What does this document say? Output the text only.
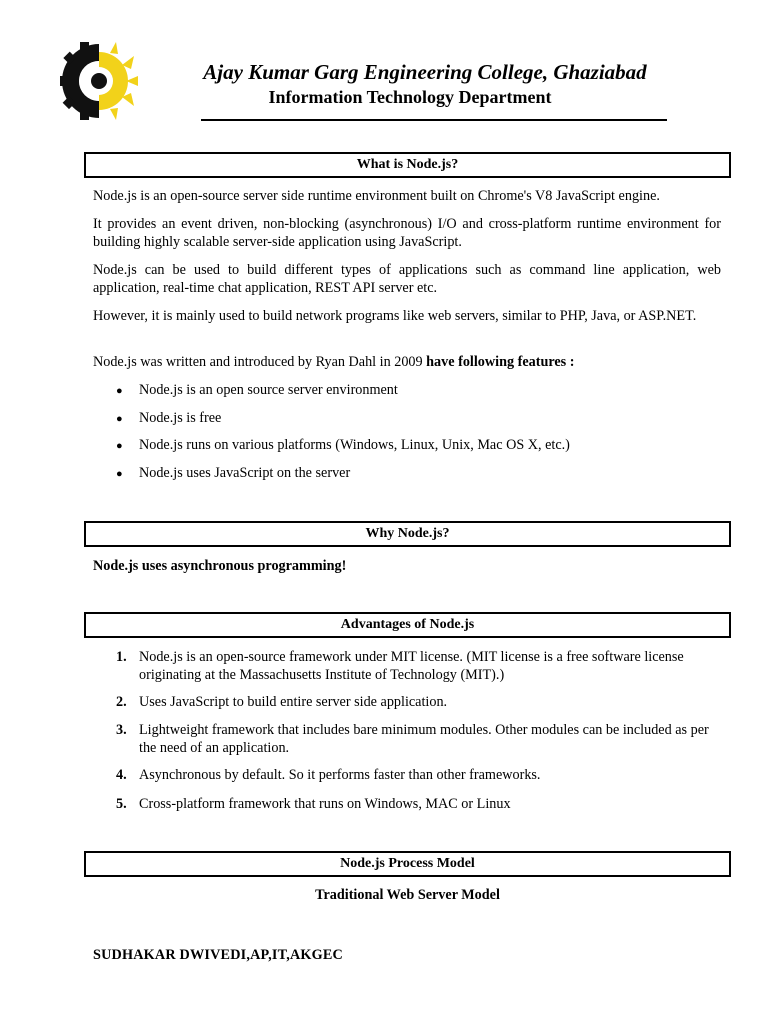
Ajay Kumar Garg Engineering College, Ghaziabad
Information Technology Department
What is Node.js?

Node.js is an open-source server side runtime environment built on Chrome's V8 JavaScript engine.

It provides an event driven, non-blocking (asynchronous) I/O and cross-platform runtime environment for building highly scalable server-side application using JavaScript.

Node.js can be used to build different types of applications such as command line application, web application, real-time chat application, REST API server etc.

However, it is mainly used to build network programs like web servers, similar to PHP, Java, or ASP.NET.

Node.js was written and introduced by Ryan Dahl in 2009 have following features :

● Node.js is an open source server environment
● Node.js is free
● Node.js runs on various platforms (Windows, Linux, Unix, Mac OS X, etc.)
● Node.js uses JavaScript on the server
Why Node.js?

Node.js uses asynchronous programming!

Advantages of Node.js
1. Node.js is an open-source framework under MIT license. (MIT license is a free software license originating at the Massachusetts Institute of Technology (MIT).)
2. Uses JavaScript to build entire server side application.
3. Lightweight framework that includes bare minimum modules. Other modules can be included as per the need of an application.
4. Asynchronous by default. So it performs faster than other frameworks.
5. Cross-platform framework that runs on Windows, MAC or Linux
Node.js Process Model
Traditional Web Server Model
SUDHAKAR DWIVEDI,AP,IT,AKGEC
